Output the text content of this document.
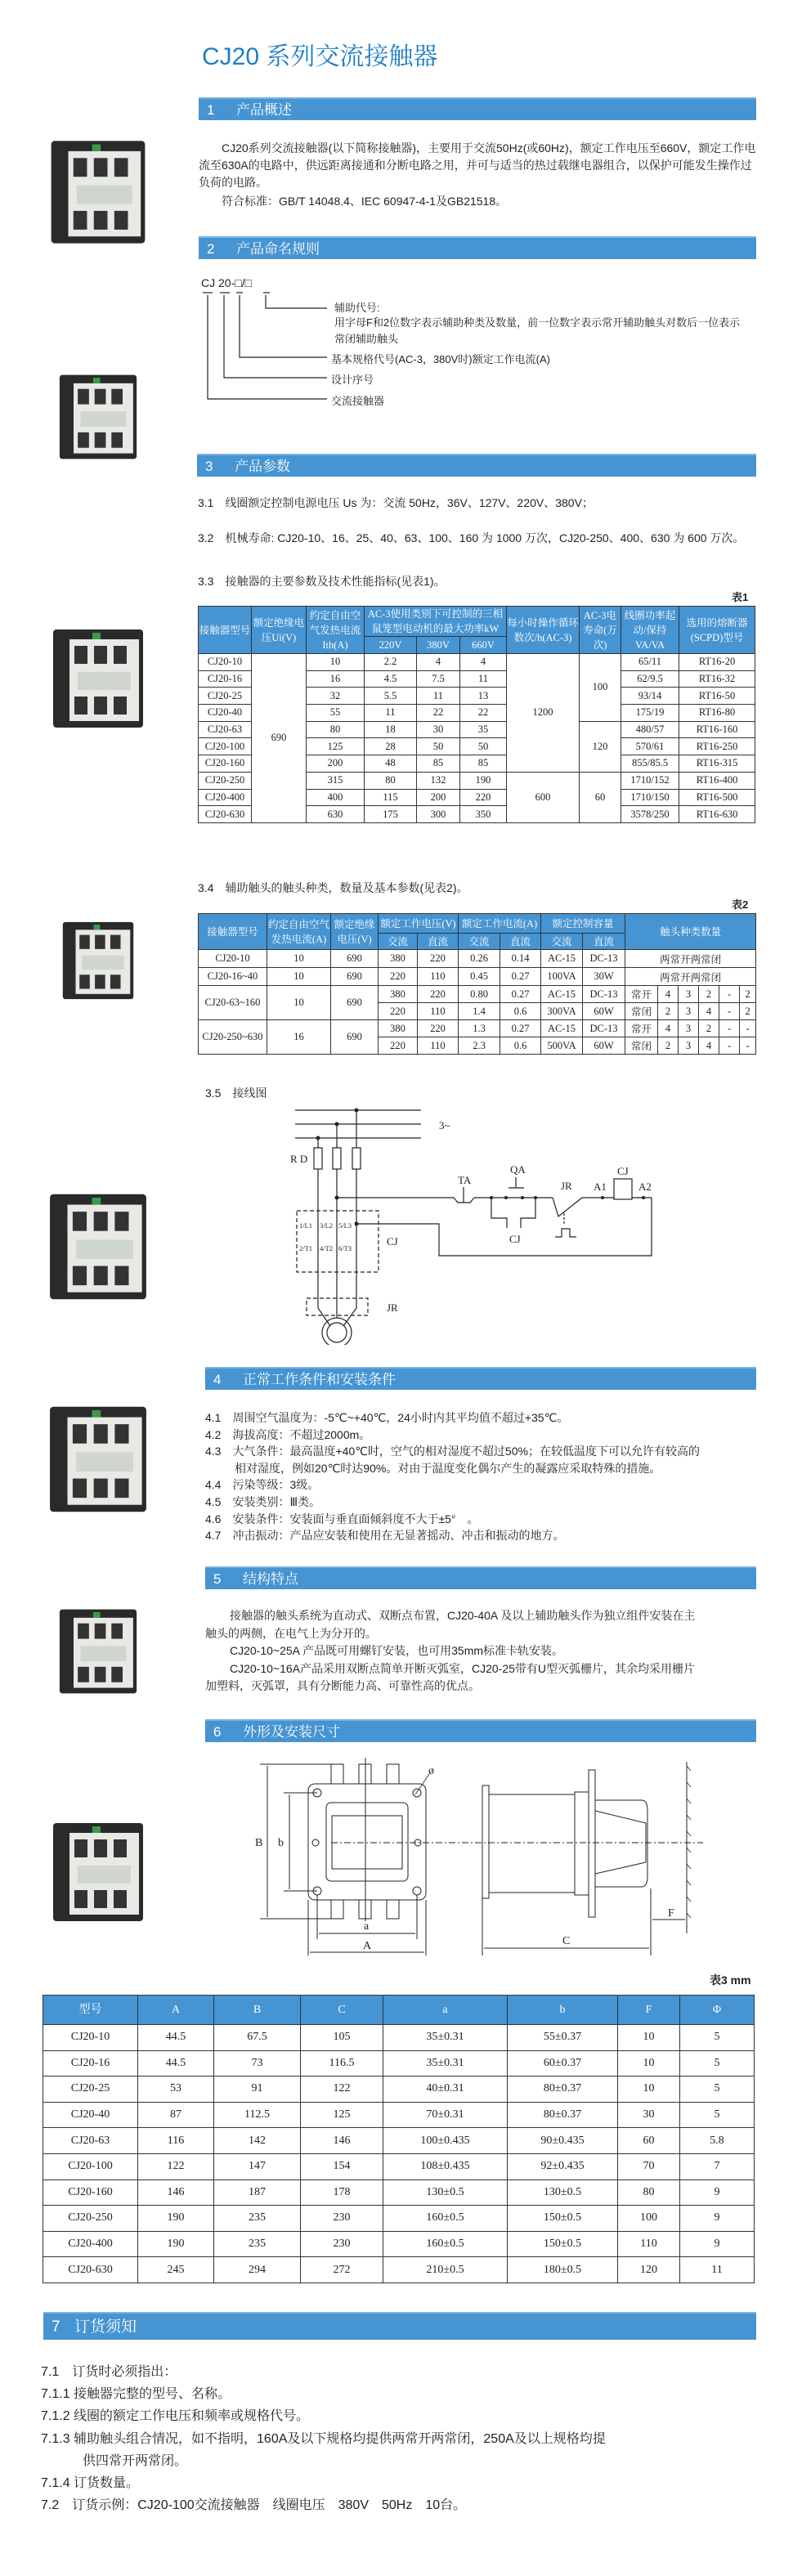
CJ20 系列交流接触器
1 产品概述
CJ20系列交流接触器(以下简称接触器)，主要用于交流50Hz(或60Hz)，额定工作电压至660V，额定工作电流至630A的电路中，供远距离接通和分断电路之用，并可与适当的热过载继电器组合，以保护可能发生操作过负荷的电路。
符合标准：GB/T 14048.4、IEC 60947-4-1及GB21518。
2 产品命名规则
CJ 20-□/□
辅助代号:
用字母F和2位数字表示辅助种类及数量，前一位数字表示常开辅助触头对数后一位表示
常闭辅助触头
基本规格代号(AC-3，380V时)额定工作电流(A)
设计序号
交流接触器
3 产品参数
3.1　线圈额定控制电源电压 Us 为：交流 50Hz，36V、127V、220V、380V；
3.2　机械寿命: CJ20-10、16、25、40、63、100、160 为 1000 万次，CJ20-250、400、630 为 600 万次。
3.3　接触器的主要参数及技术性能指标(见表1)。
表1
接触器型号	额定绝缘电压Ui(V)	约定自由空气发热电流Ith(A)	AC-3使用类别下可控制的三相鼠笼型电动机的最大功率kW			每小时操作循环数次/h(AC-3)	AC-3电寿命(万次)	线圈功率起动/保持VA/VA	选用的熔断器(SCPD)型号
			220V	380V	660V				
CJ20-10	690	10	2.2	4	4	1200	100	65/11	RT16-20
CJ20-16		16	4.5	7.5	11			62/9.5	RT16-32
CJ20-25		32	5.5	11	13			93/14	RT16-50
CJ20-40		55	11	22	22			175/19	RT16-80
CJ20-63		80	18	30	35		120	480/57	RT16-160
CJ20-100		125	28	50	50			570/61	RT16-250
CJ20-160		200	48	85	85			855/85.5	RT16-315
CJ20-250		315	80	132	190	600	60	1710/152	RT16-400
CJ20-400		400	115	200	220			1710/150	RT16-500
CJ20-630		630	175	300	350			3578/250	RT16-630
3.4　辅助触头的触头种类，数量及基本参数(见表2)。
表2
接触器型号	约定自由空气发热电流(A)	额定绝缘电压(V)	额定工作电压(V)		额定工作电流(A)		额定控制容量		触头种类数量					
			交流	直流	交流	直流	交流	直流						
CJ20-10	10	690	380	220	0.26	0.14	AC-15	DC-13	两常开两常闭					
CJ20-16~40	10	690	220	110	0.45	0.27	100VA	30W	两常开两常闭					
CJ20-63~160	10	690	380	220	0.80	0.27	AC-15	DC-13	常开	4	3	2	-	2
			220	110	1.4	0.6	300VA	60W	常闭	2	3	4	-	2
CJ20-250~630	16	690	380	220	1.3	0.27	AC-15	DC-13	常开	4	3	2	-	-
			220	110	2.3	0.6	500VA	60W	常闭	2	3	4	-	-
3.5　接线图
3~
R D
TA
QA
JR A1
CJ
A2
CJ
CJ
JR
1/L1 3/L2 5/L3
2/T1 4/T2 6/T3
4 正常工作条件和安装条件
4.1　周围空气温度为：-5℃~+40℃，24小时内其平均值不超过+35℃。
4.2　海拔高度：不超过2000m。
4.3　大气条件：最高温度+40℃时，空气的相对湿度不超过50%；在较低温度下可以允许有较高的
相对湿度，例如20℃时达90%。对由于温度变化偶尔产生的凝露应采取特殊的措施。
4.4　污染等级：3级。
4.5　安装类别：Ⅲ类。
4.6　安装条件：安装面与垂直面倾斜度不大于±5°　。
4.7　冲击振动：产品应安装和使用在无显著摇动、冲击和振动的地方。
5 结构特点
接触器的触头系统为直动式、双断点布置，CJ20-40A 及以上辅助触头作为独立组件安装在主
触头的两侧，在电气上为分开的。
CJ20-10~25A 产品既可用螺钉安装，也可用35mm标准卡轨安装。
CJ20-10~16A产品采用双断点简单开断灭弧室，CJ20-25带有U型灭弧栅片，其余均采用栅片
加塑料，灭弧罩，具有分断能力高、可靠性高的优点。
6 外形及安装尺寸
B b
a
A	C
F
ø
表3 mm
型号	A	B	C	a	b	F	Φ
CJ20-10	44.5	67.5	105	35±0.31	55±0.37	10	5
CJ20-16	44.5	73	116.5	35±0.31	60±0.37	10	5
CJ20-25	53	91	122	40±0.31	80±0.37	10	5
CJ20-40	87	112.5	125	70±0.31	80±0.37	30	5
CJ20-63	116	142	146	100±0.435	90±0.435	60	5.8
CJ20-100	122	147	154	108±0.435	92±0.435	70	7
CJ20-160	146	187	178	130±0.5	130±0.5	80	9
CJ20-250	190	235	230	160±0.5	150±0.5	100	9
CJ20-400	190	235	230	160±0.5	150±0.5	110	9
CJ20-630	245	294	272	210±0.5	180±0.5	120	11
7 订货须知
7.1　订货时必须指出：
7.1.1 接触器完整的型号、名称。
7.1.2 线圈的额定工作电压和频率或规格代号。
7.1.3 辅助触头组合情况，如不指明，160A及以下规格均提供两常开两常闭，250A及以上规格均提
供四常开两常闭。
7.1.4 订货数量。
7.2　订货示例：CJ20-100交流接触器　线圈电压　380V　50Hz　10台。
